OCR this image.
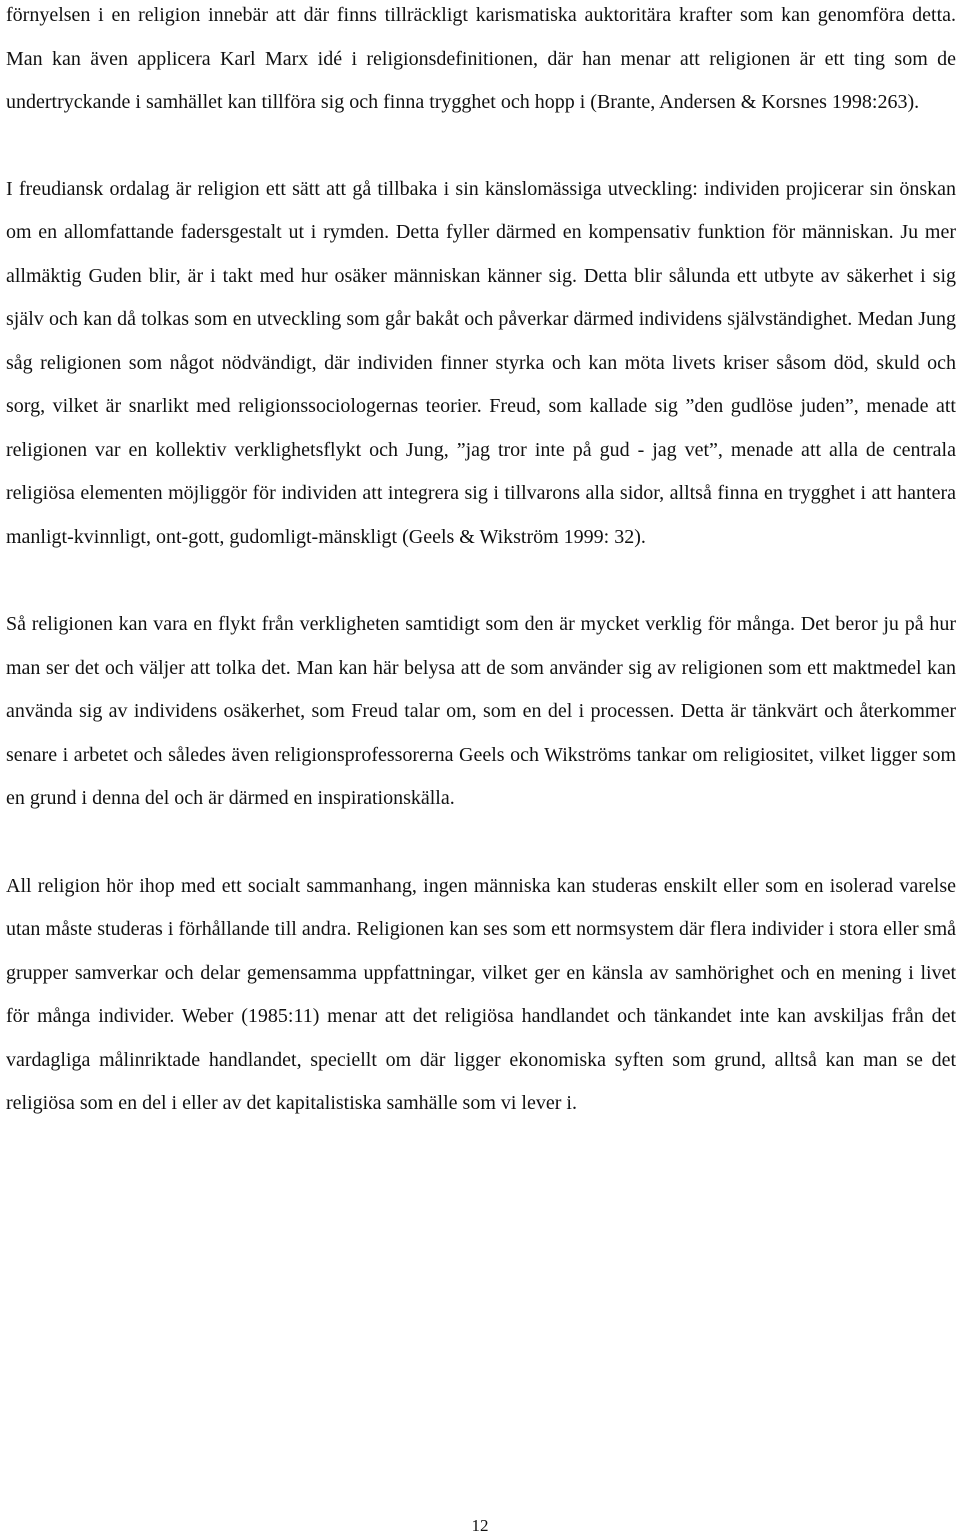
förnyelsen i en religion innebär att där finns tillräckligt karismatiska auktoritära krafter som kan genomföra detta. Man kan även applicera Karl Marx idé i religionsdefinitionen, där han menar att religionen är ett ting som de undertryckande i samhället kan tillföra sig och finna trygghet och hopp i (Brante, Andersen & Korsnes 1998:263).

I freudiansk ordalag är religion ett sätt att gå tillbaka i sin känslomässiga utveckling: individen projicerar sin önskan om en allomfattande fadersgestalt ut i rymden. Detta fyller därmed en kompensativ funktion för människan. Ju mer allmäktig Guden blir, är i takt med hur osäker människan känner sig. Detta blir sålunda ett utbyte av säkerhet i sig själv och kan då tolkas som en utveckling som går bakåt och påverkar därmed individens självständighet. Medan Jung såg religionen som något nödvändigt, där individen finner styrka och kan möta livets kriser såsom död, skuld och sorg, vilket är snarlikt med religionssociologernas teorier. Freud, som kallade sig ”den gudlöse juden”, menade att religionen var en kollektiv verklighetsflykt och Jung, ”jag tror inte på gud - jag vet”, menade att alla de centrala religiösa elementen möjliggör för individen att integrera sig i tillvarons alla sidor, alltså finna en trygghet i att hantera manligt-kvinnligt, ont-gott, gudomligt-mänskligt (Geels & Wikström 1999: 32).

Så religionen kan vara en flykt från verkligheten samtidigt som den är mycket verklig för många. Det beror ju på hur man ser det och väljer att tolka det. Man kan här belysa att de som använder sig av religionen som ett maktmedel kan använda sig av individens osäkerhet, som Freud talar om, som en del i processen. Detta är tänkvärt och återkommer senare i arbetet och således även religionsprofessorerna Geels och Wikströms tankar om religiositet, vilket ligger som en grund i denna del och är därmed en inspirationskälla.

All religion hör ihop med ett socialt sammanhang, ingen människa kan studeras enskilt eller som en isolerad varelse utan måste studeras i förhållande till andra. Religionen kan ses som ett normsystem där flera individer i stora eller små grupper samverkar och delar gemensamma uppfattningar, vilket ger en känsla av samhörighet och en mening i livet för många individer. Weber (1985:11) menar att det religiösa handlandet och tänkandet inte kan avskiljas från det vardagliga målinriktade handlandet, speciellt om där ligger ekonomiska syften som grund, alltså kan man se det religiösa som en del i eller av det kapitalistiska samhälle som vi lever i.

12
